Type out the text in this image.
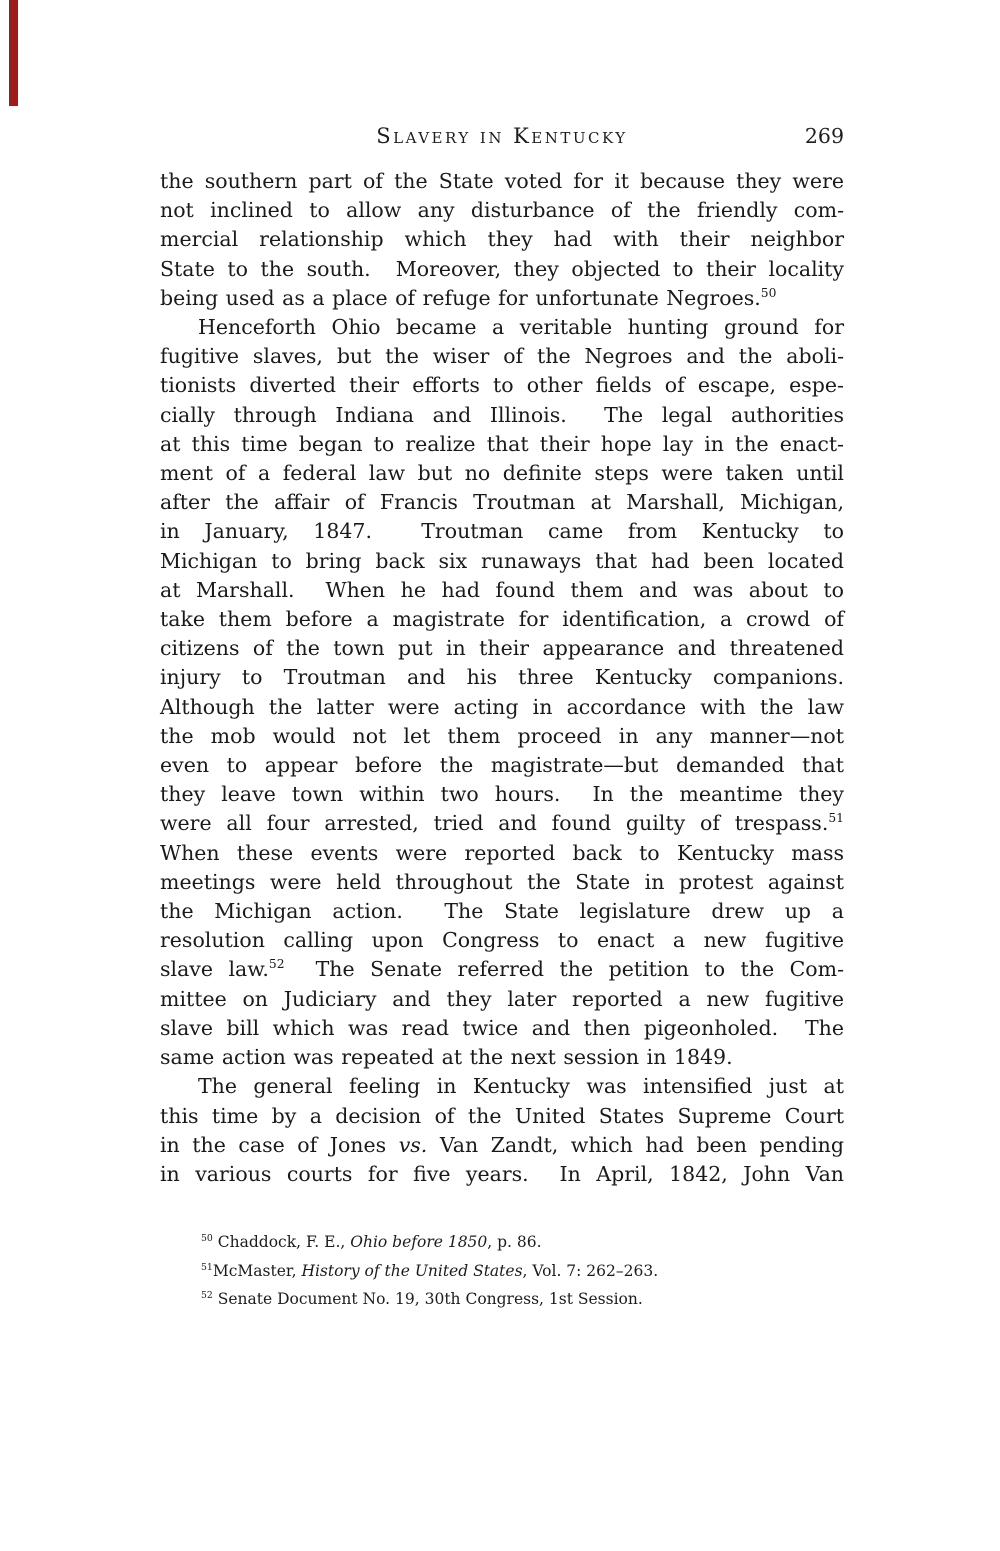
Slavery in Kentucky	269
the southern part of the State voted for it because they were
not inclined to allow any disturbance of the friendly com-
mercial relationship which they had with their neighbor
State to the south.  Moreover, they objected to their locality
being used as a place of refuge for unfortunate Negroes.$^{50}$
Henceforth Ohio became a veritable hunting ground for
fugitive slaves, but the wiser of the Negroes and the aboli-
tionists diverted their efforts to other fields of escape, espe-
cially through Indiana and Illinois.  The legal authorities
at this time began to realize that their hope lay in the enact-
ment of a federal law but no definite steps were taken until
after the affair of Francis Troutman at Marshall, Michigan,
in January, 1847.  Troutman came from Kentucky to
Michigan to bring back six runaways that had been located
at Marshall.  When he had found them and was about to
take them before a magistrate for identification, a crowd of
citizens of the town put in their appearance and threatened
injury to Troutman and his three Kentucky companions.
Although the latter were acting in accordance with the law
the mob would not let them proceed in any manner—not
even to appear before the magistrate—but demanded that
they leave town within two hours.  In the meantime they
were all four arrested, tried and found guilty of trespass.$^{51}$
When these events were reported back to Kentucky mass
meetings were held throughout the State in protest against
the Michigan action.  The State legislature drew up a
resolution calling upon Congress to enact a new fugitive
slave law.$^{52}$  The Senate referred the petition to the Com-
mittee on Judiciary and they later reported a new fugitive
slave bill which was read twice and then pigeonholed.  The
same action was repeated at the next session in 1849.
The general feeling in Kentucky was intensified just at
this time by a decision of the United States Supreme Court
in the case of Jones vs. Van Zandt, which had been pending
in various courts for five years.  In April, 1842, John Van
$^{50}$ Chaddock, F. E., Ohio before 1850, p. 86.
$^{51}$McMaster, History of the United States, Vol. 7: 262–263.
$^{52}$ Senate Document No. 19, 30th Congress, 1st Session.
